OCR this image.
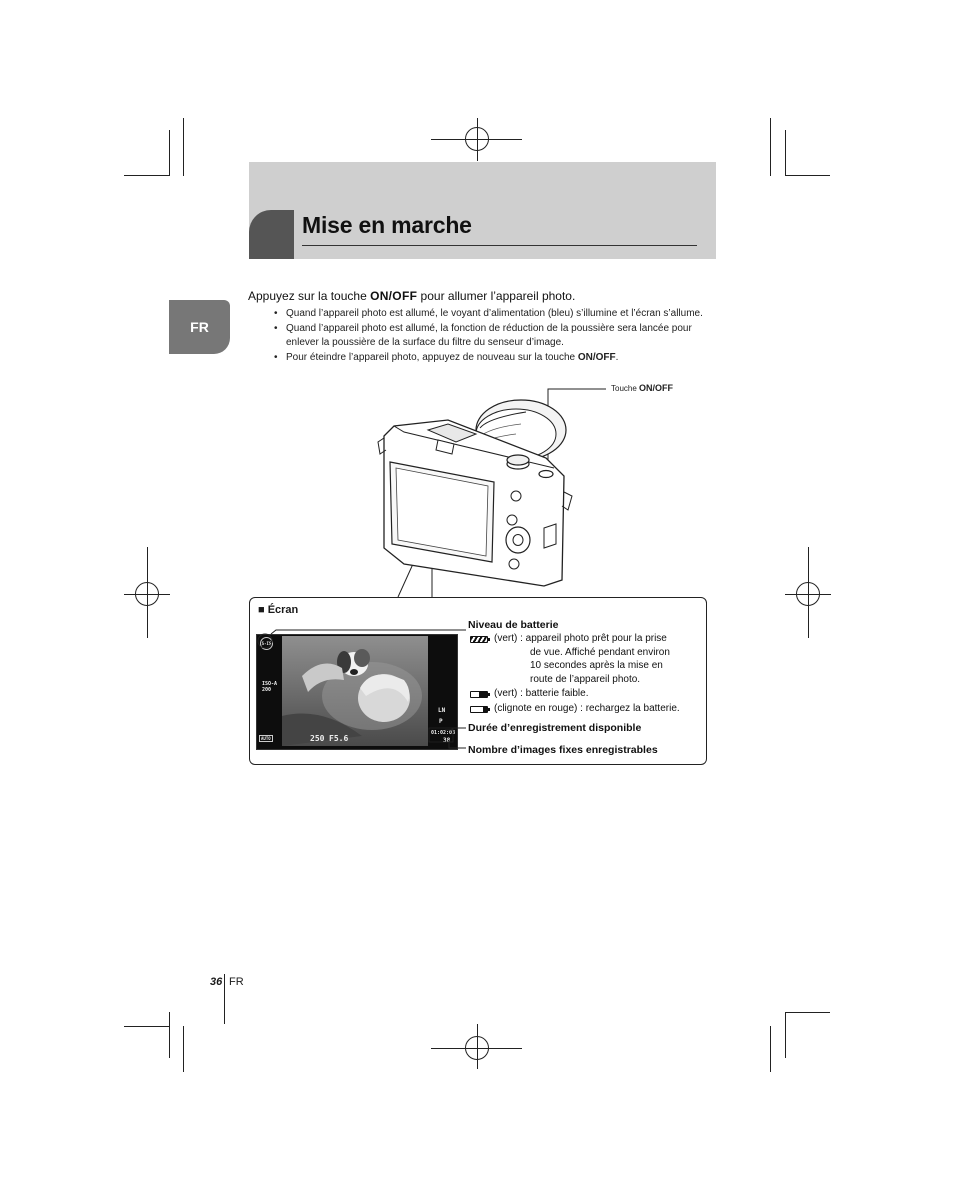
Mise en marche
FR
Appuyez sur la touche ON/OFF pour allumer l’appareil photo.
• Quand l’appareil photo est allumé, le voyant d’alimentation (bleu) s’illumine et l’écran s’allume.
• Quand l’appareil photo est allumé, la fonction de réduction de la poussière sera lancée pour enlever la poussière de la surface du filtre du senseur d’image.
• Pour éteindre l’appareil photo, appuyez de nouveau sur la touche ON/OFF.
Touche ON/OFF
■ Écran
S-IS
ISO-A
200
AUTO	250 F5.6
LN
P
01:02:03
38
Niveau de batterie
(vert) : appareil photo prêt pour la prise
de vue. Affiché pendant environ
10 secondes après la mise en
route de l’appareil photo.
(vert) : batterie faible.
(clignote en rouge) : rechargez la batterie.
Durée d’enregistrement disponible
Nombre d’images fixes enregistrables
36 FR
